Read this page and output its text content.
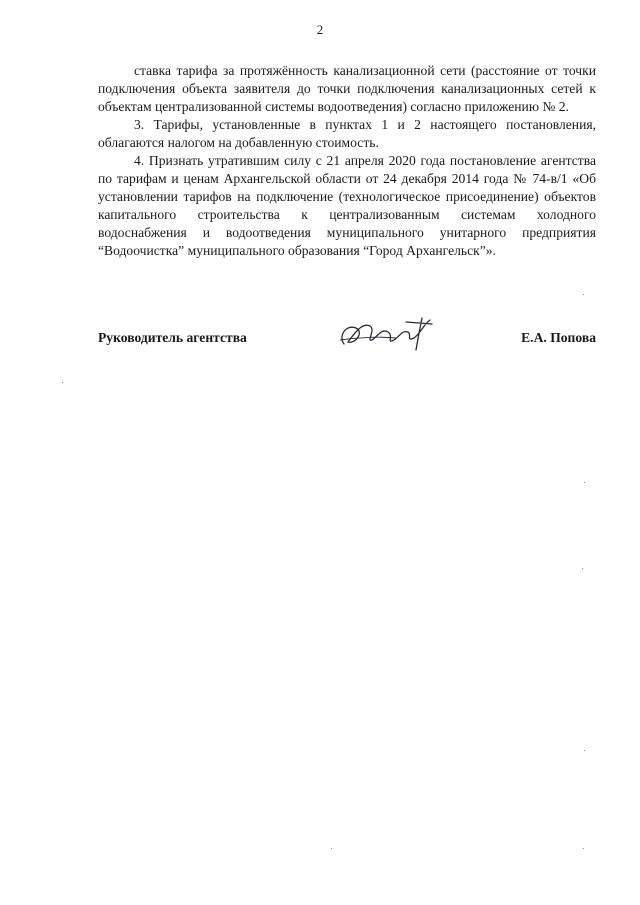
2

ставка тарифа за протяжённость канализационной сети (расстояние от точки подключения объекта заявителя до точки подключения канализационных сетей к объектам централизованной системы водоотведения) согласно приложению № 2.

3. Тарифы, установленные в пунктах 1 и 2 настоящего постановления, облагаются налогом на добавленную стоимость.

4. Признать утратившим силу с 21 апреля 2020 года постановление агентства по тарифам и ценам Архангельской области от 24 декабря 2014 года № 74-в/1 «Об установлении тарифов на подключение (технологическое присоединение) объектов капитального строительства к централизованным системам холодного водоснабжения и водоотведения муниципального унитарного предприятия “Водоочистка” муниципального образования “Город Архангельск”».

Руководитель агентства	Е.А. Попова
